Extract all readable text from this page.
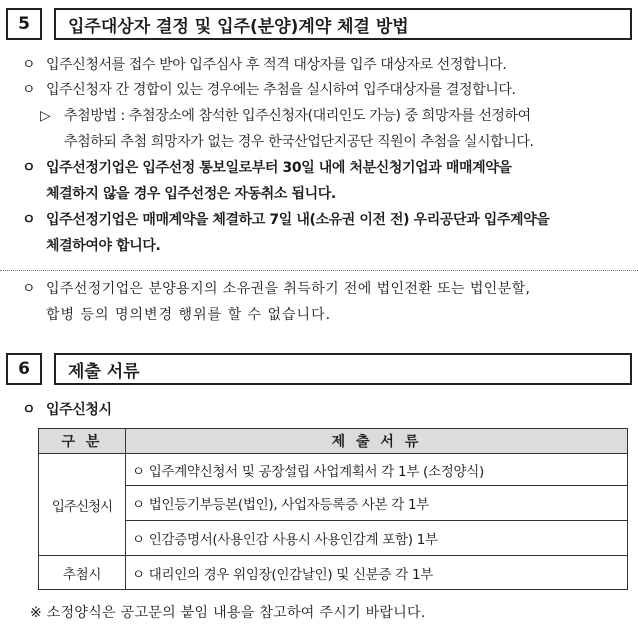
5	입주대상자 결정 및 입주(분양)계약 체결 방법
ㅇ 입주신청서를 접수 받아 입주심사 후 적격 대상자를 입주 대상자로 선정합니다.
ㅇ 입주신청자 간 경합이 있는 경우에는 추첨을 실시하여 입주대상자를 결정합니다.
▷ 추첨방법 : 추첨장소에 참석한 입주신청자(대리인도 가능) 중 희망자를 선정하여
추첨하되 추첨 희망자가 없는 경우 한국산업단지공단 직원이 추첨을 실시합니다.
ㅇ 입주선정기업은 입주선정 통보일로부터 30일 내에 처분신청기업과 매매계약을
체결하지 않을 경우 입주선정은 자동취소 됩니다.
ㅇ 입주선정기업은 매매계약을 체결하고 7일 내(소유권 이전 전) 우리공단과 입주계약을
체결하여야 합니다.
ㅇ 입주선정기업은 분양용지의 소유권을 취득하기 전에 법인전환 또는 법인분할,
합병 등의 명의변경 행위를 할 수 없습니다.
6	제출 서류
ㅇ 입주신청시
구 분	제 출 서 류
입주신청시	ㅇ 입주계약신청서 및 공장설립 사업계획서 각 1부 (소정양식)
	ㅇ 법인등기부등본(법인), 사업자등록증 사본 각 1부
	ㅇ 인감증명서(사용인감 사용시 사용인감계 포함) 1부
추첨시	ㅇ 대리인의 경우 위임장(인감날인) 및 신분증 각 1부
※ 소정양식은 공고문의 붙임 내용을 참고하여 주시기 바랍니다.
